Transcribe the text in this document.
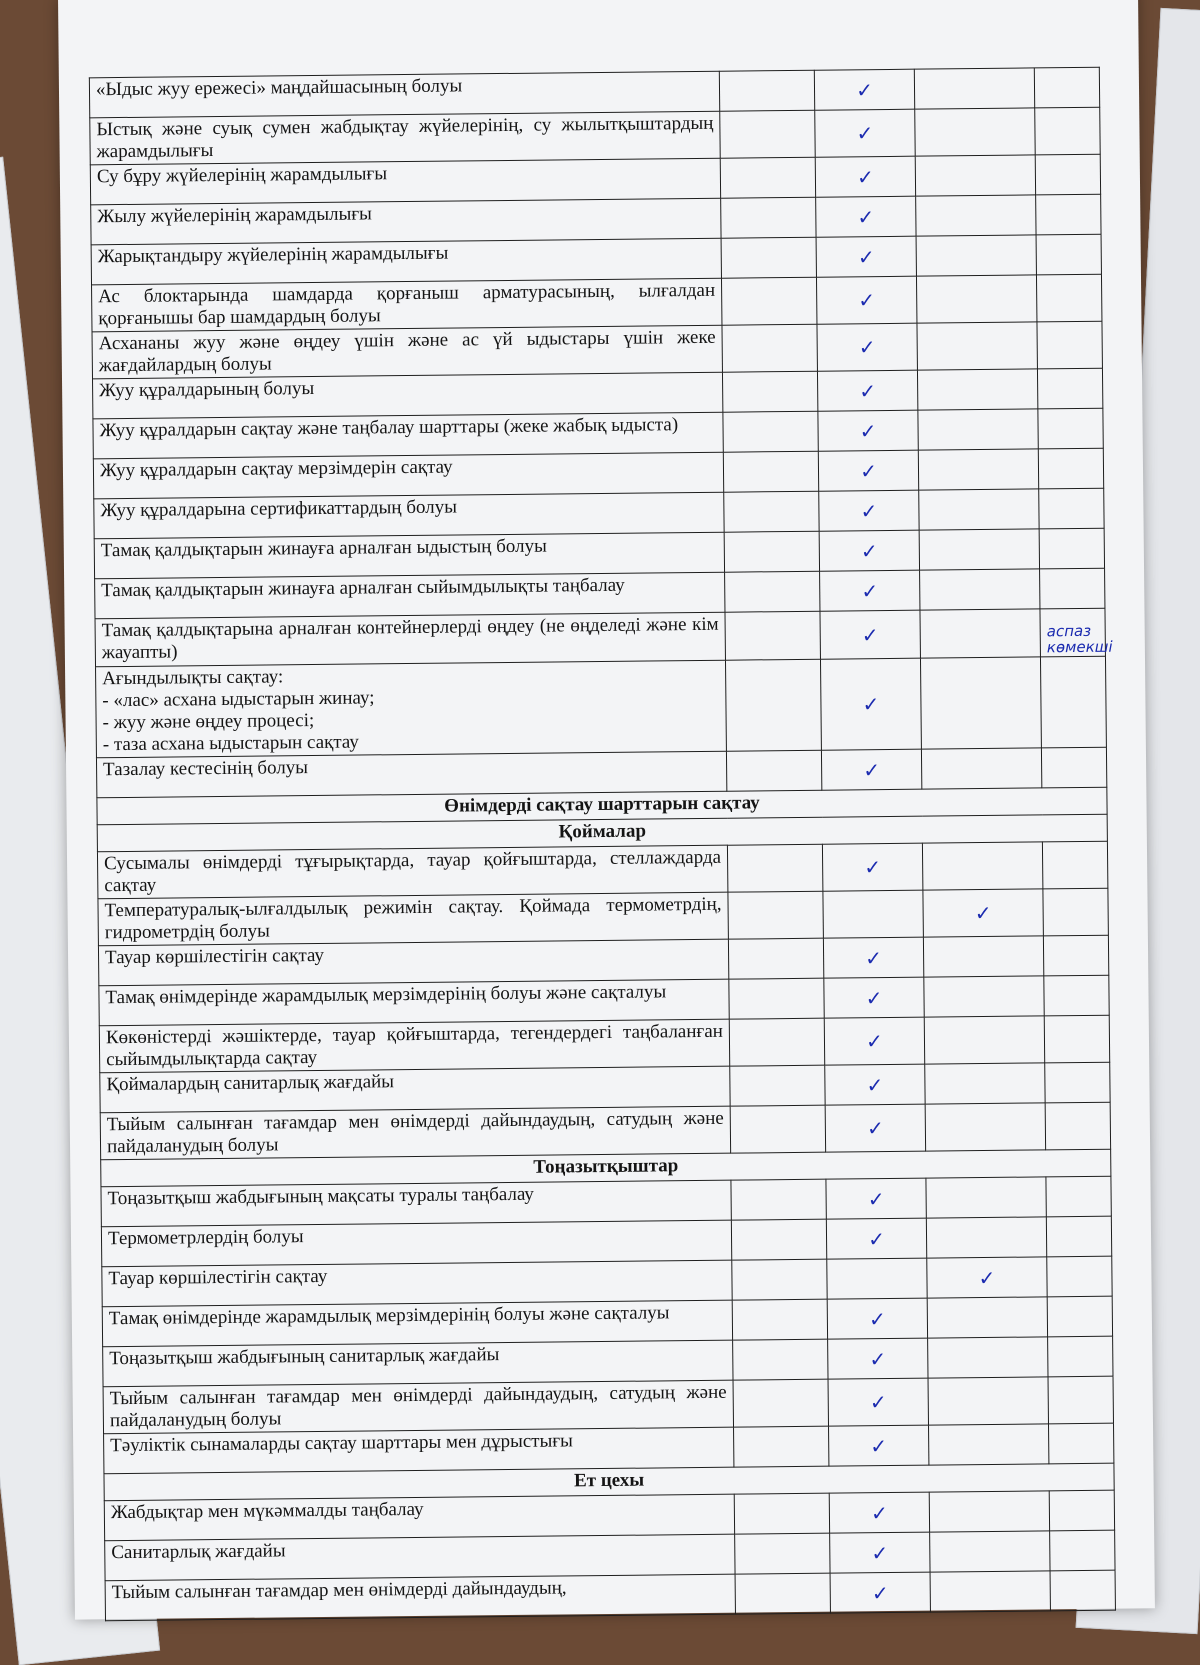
«Ыдыс жуу ережесі» маңдайшасының болуы		✓		
Ыстық және суық сумен жабдықтау жүйелерінің, су жылытқыштардың жарамдылығы		✓		
Су бұру жүйелерінің жарамдылығы		✓		
Жылу жүйелерінің жарамдылығы		✓		
Жарықтандыру жүйелерінің жарамдылығы		✓		
Ас блоктарында шамдарда қорғаныш арматурасының, ылғалдан қорғанышы бар шамдардың болуы		✓		
Асхананы жуу және өңдеу үшін және ас үй ыдыстары үшін жеке жағдайлардың болуы		✓		
Жуу құралдарының болуы		✓		
Жуу құралдарын сақтау және таңбалау шарттары (жеке жабық ыдыста)		✓		
Жуу құралдарын сақтау мерзімдерін сақтау		✓		
Жуу құралдарына сертификаттардың болуы		✓		
Тамақ қалдықтарын жинауға арналған ыдыстың болуы		✓		
Тамақ қалдықтарын жинауға арналған сыйымдылықты таңбалау		✓		
Тамақ қалдықтарына арналған контейнерлерді өңдеу (не өңделеді және кім жауапты)		✓		аспаз көмекші

Ағындылықты сақтау:
- «лас» асхана ыдыстарын жинау;
- жуу және өңдеу процесі;
- таза асхана ыдыстарын сақтау		✓		
Тазалау кестесінің болуы		✓		
Өнімдерді сақтау шарттарын сақтау				
Қоймалар				
Сусымалы өнімдерді тұғырықтарда, тауар қойғыштарда, стеллаждарда сақтау		✓		
Температуралық-ылғалдылық режимін сақтау. Қоймада термометрдің, гидрометрдің болуы			✓	
Тауар көршілестігін сақтау		✓		
Тамақ өнімдерінде жарамдылық мерзімдерінің болуы және сақталуы		✓		
Көкөністерді жәшіктерде, тауар қойғыштарда, тегендердегі таңбаланған сыйымдылықтарда сақтау		✓		
Қоймалардың санитарлық жағдайы		✓		
Тыйым салынған тағамдар мен өнімдерді дайындаудың, сатудың және пайдаланудың болуы		✓		
Тоңазытқыштар				
Тоңазытқыш жабдығының мақсаты туралы таңбалау		✓		
Термометрлердің болуы		✓		
Тауар көршілестігін сақтау			✓	
Тамақ өнімдерінде жарамдылық мерзімдерінің болуы және сақталуы		✓		
Тоңазытқыш жабдығының санитарлық жағдайы		✓		
Тыйым салынған тағамдар мен өнімдерді дайындаудың, сатудың және пайдаланудың болуы		✓		
Тәуліктік сынамаларды сақтау шарттары мен дұрыстығы		✓		
Ет цехы				
Жабдықтар мен мүкәммалды таңбалау		✓		
Санитарлық жағдайы		✓		
Тыйым салынған тағамдар мен өнімдерді дайындаудың,		✓		
